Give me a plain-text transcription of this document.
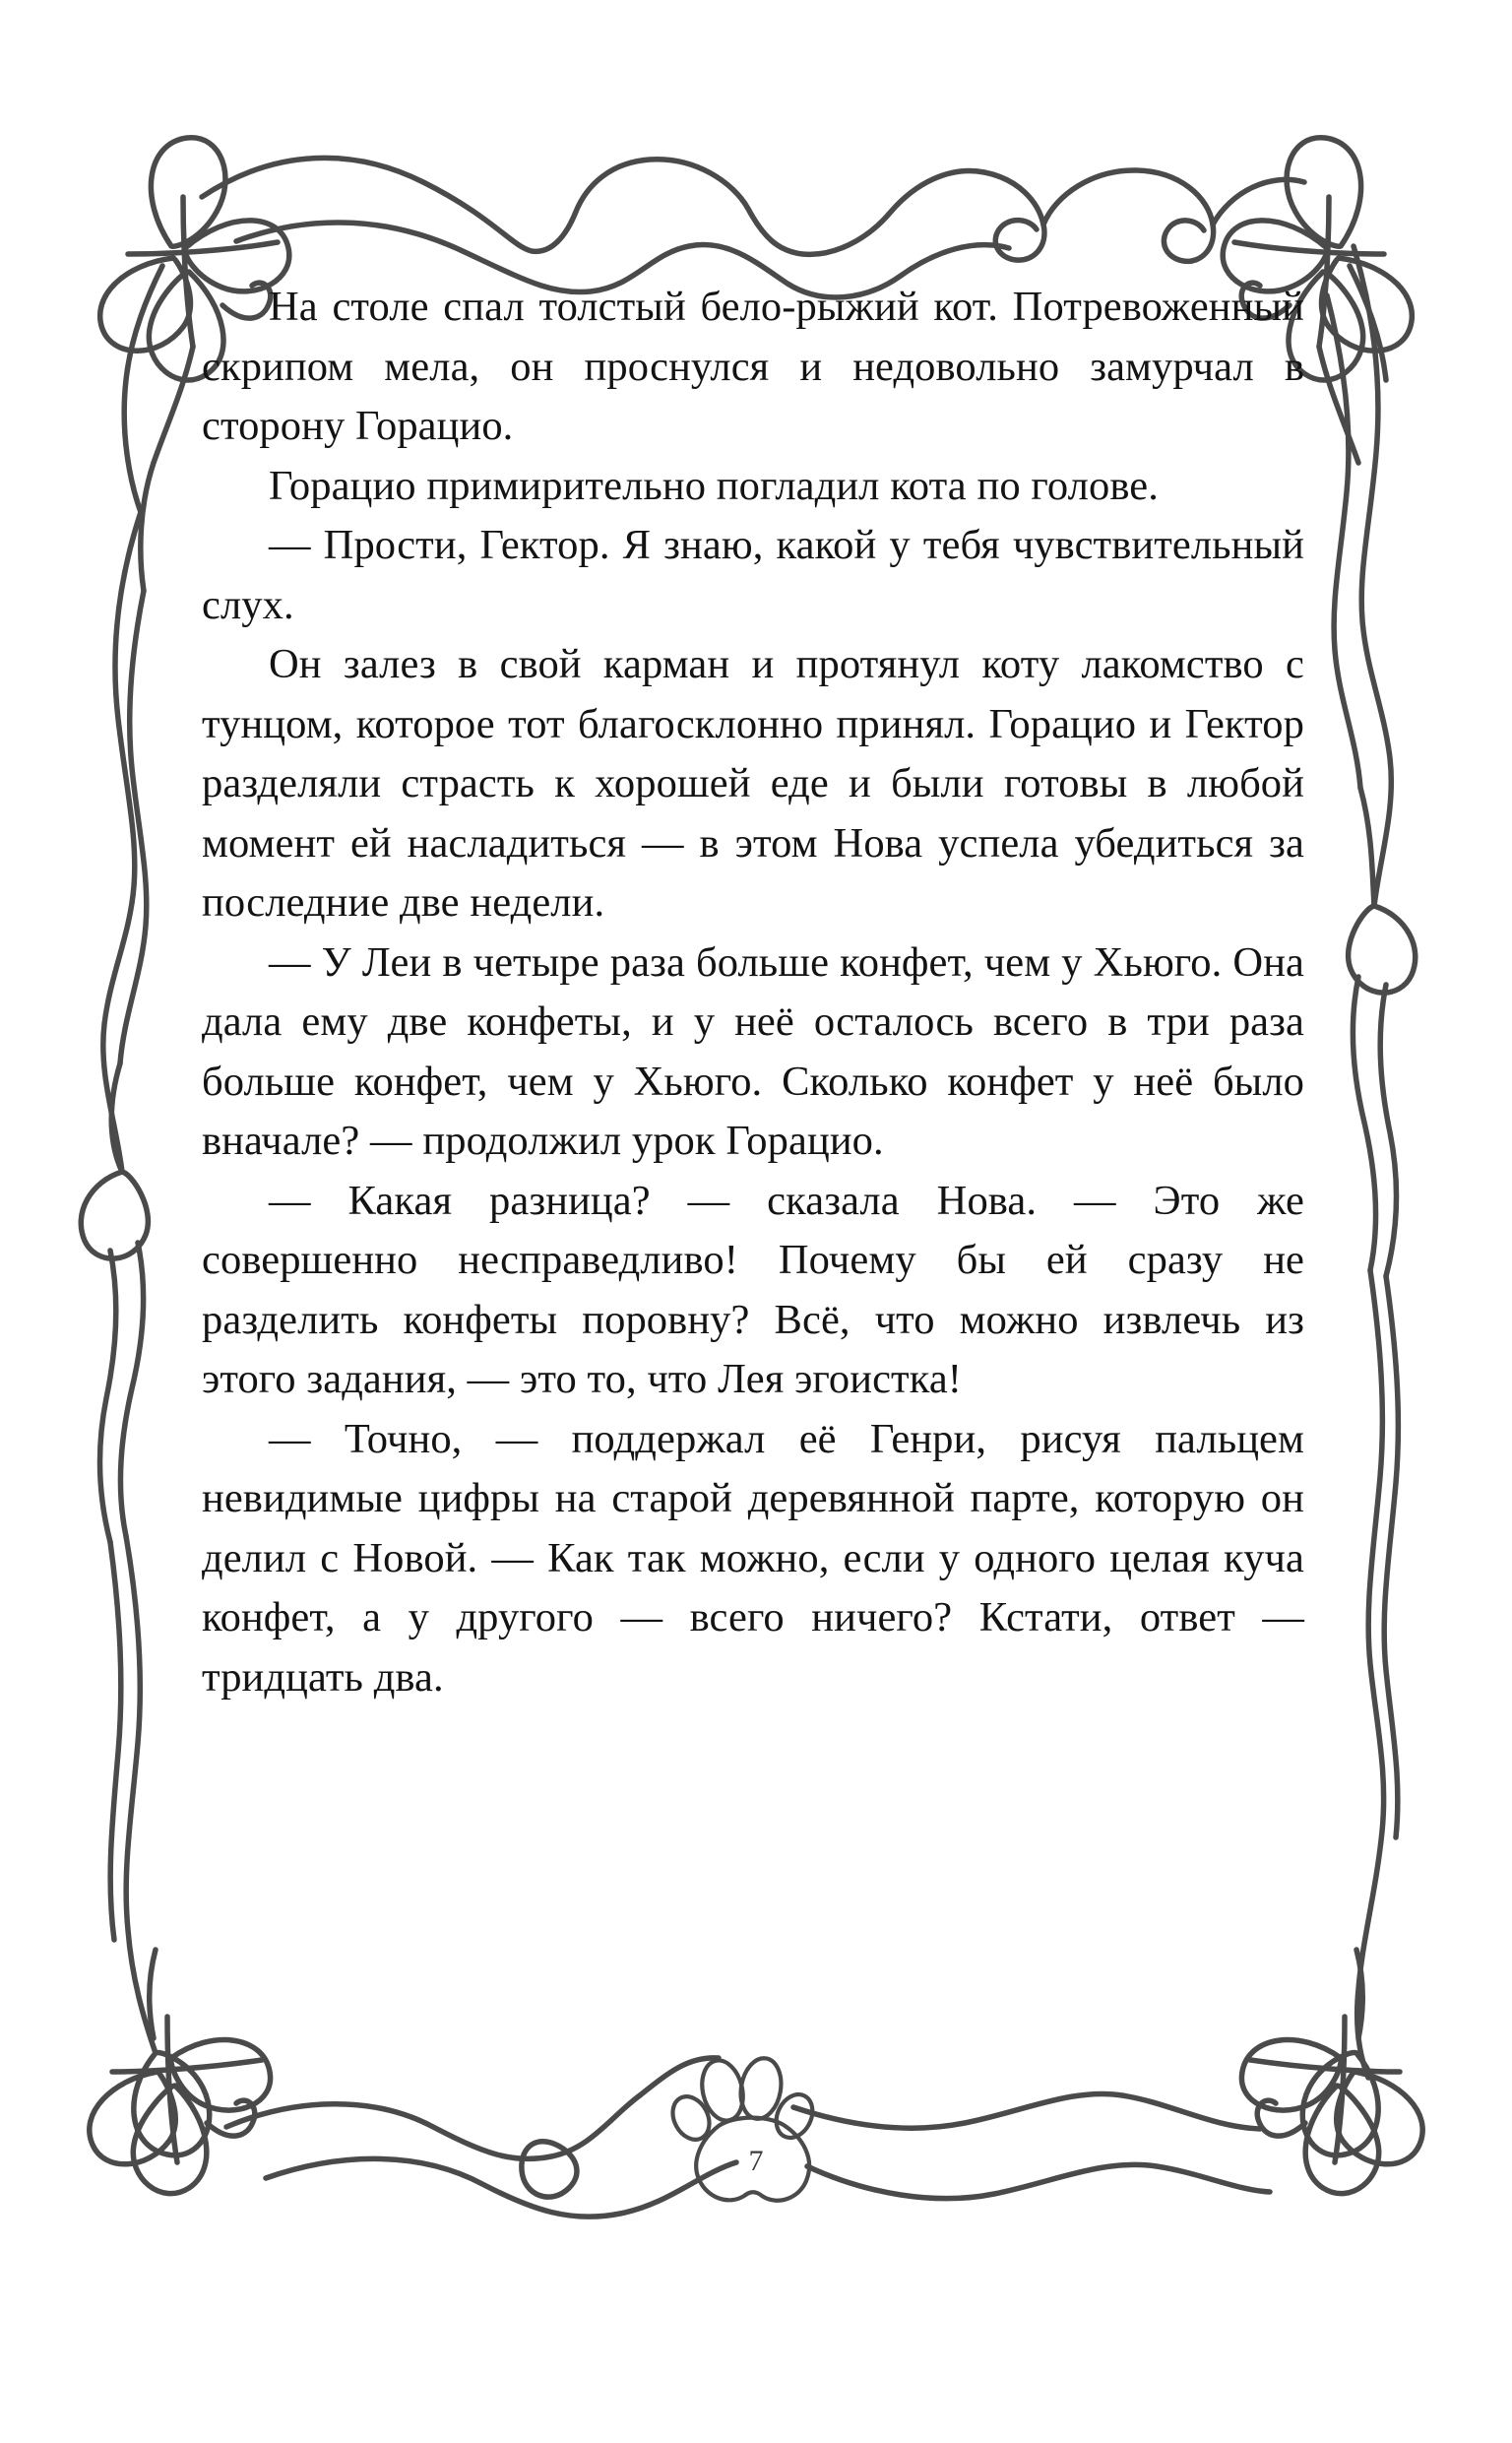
На столе спал толстый бело-рыжий кот. Потревоженный скрипом мела, он проснулся и недовольно замурчал в сторону Горацио.

Горацио примирительно погладил кота по голове.

— Прости, Гектор. Я знаю, какой у тебя чувствительный слух.

Он залез в свой карман и протянул коту лакомство с тунцом, которое тот благосклонно принял. Горацио и Гектор разделяли страсть к хорошей еде и были готовы в любой момент ей насладиться — в этом Нова успела убедиться за последние две недели.

— У Леи в четыре раза больше конфет, чем у Хьюго. Она дала ему две конфеты, и у неё осталось всего в три раза больше конфет, чем у Хьюго. Сколько конфет у неё было вначале? — продолжил урок Горацио.

— Какая разница? — сказала Нова. — Это же совершенно несправедливо! Почему бы ей сразу не разделить конфеты поровну? Всё, что можно извлечь из этого задания, — это то, что Лея эгоистка!

— Точно, — поддержал её Генри, рисуя пальцем невидимые цифры на старой деревянной парте, которую он делил с Новой. — Как так можно, если у одного целая куча конфет, а у другого — всего ничего? Кстати, ответ — тридцать два.

7
